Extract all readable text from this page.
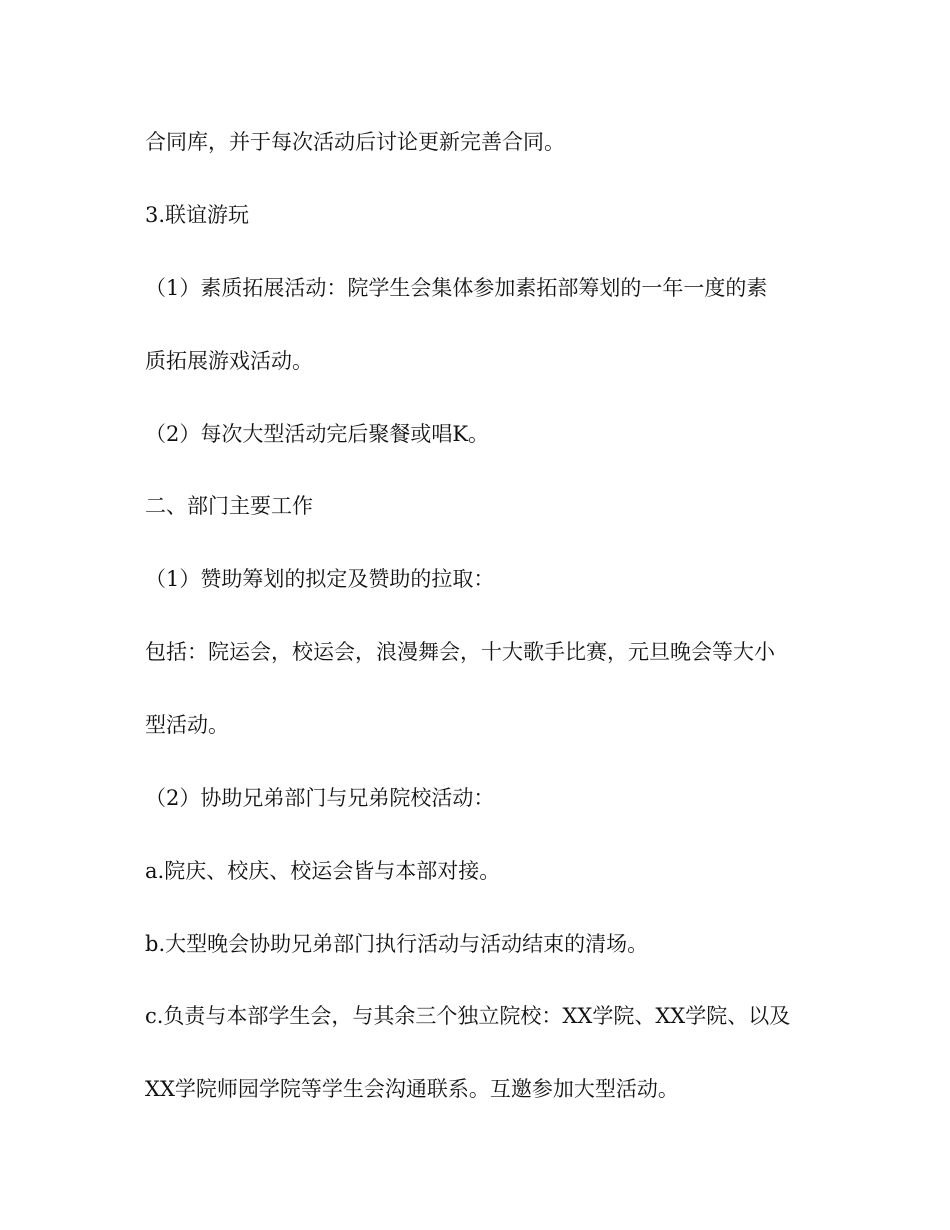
合同库，并于每次活动后讨论更新完善合同。

3.联谊游玩

（1）素质拓展活动：院学生会集体参加素拓部筹划的一年一度的素

质拓展游戏活动。

（2）每次大型活动完后聚餐或唱K。

二、部门主要工作

（1）赞助筹划的拟定及赞助的拉取：

包括：院运会，校运会，浪漫舞会，十大歌手比赛，元旦晚会等大小

型活动。

（2）协助兄弟部门与兄弟院校活动：

a.院庆、校庆、校运会皆与本部对接。

b.大型晚会协助兄弟部门执行活动与活动结束的清场。

c.负责与本部学生会，与其余三个独立院校：XX学院、XX学院、以及

XX学院师园学院等学生会沟通联系。互邀参加大型活动。
